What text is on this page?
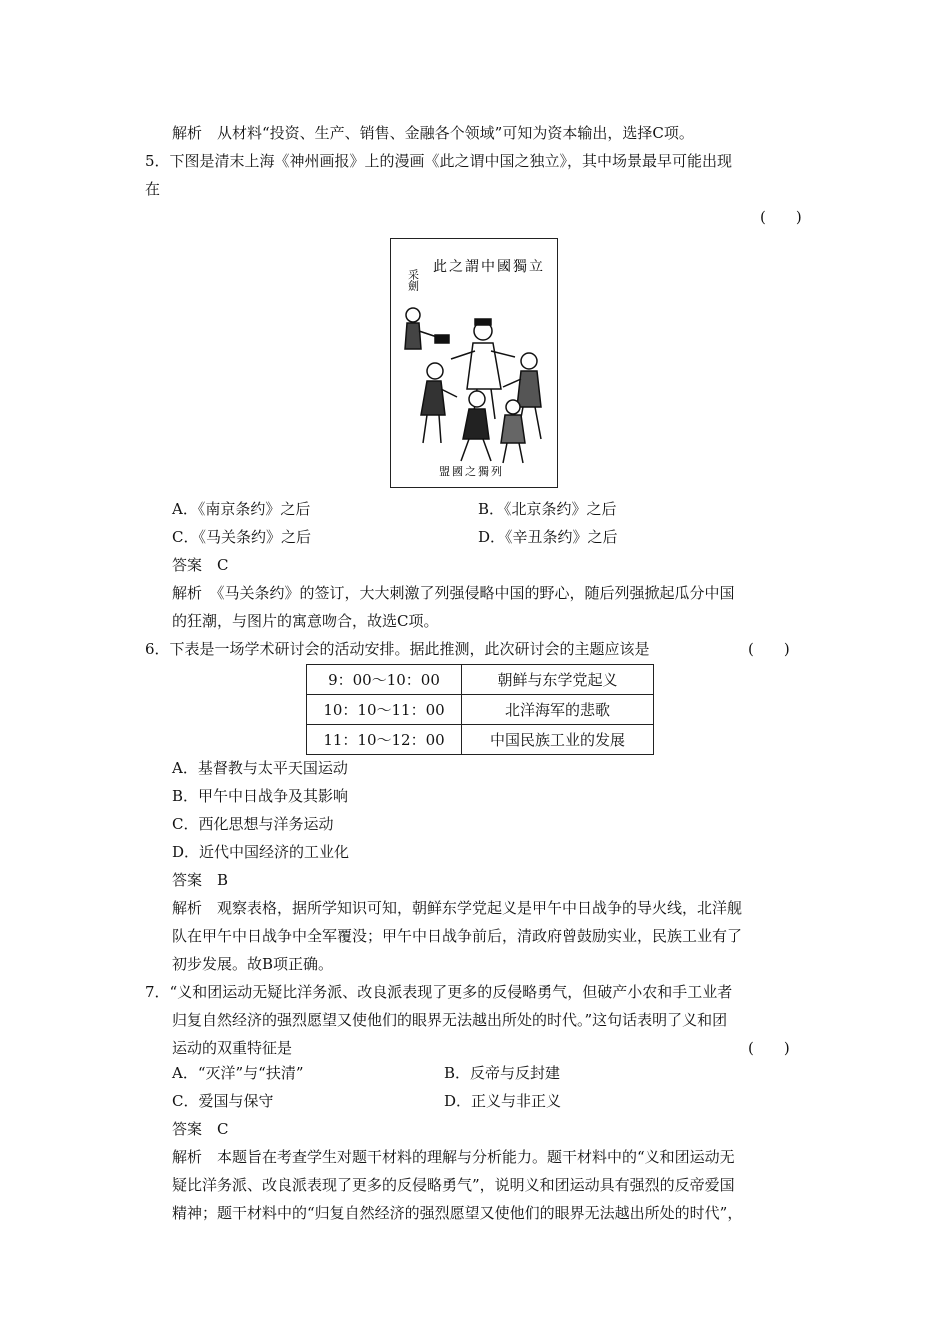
解析　从材料“投资、生产、销售、金融各个领域”可知为资本输出，选择C项。
5．下图是清末上海《神州画报》上的漫画《此之谓中国之独立》，其中场景最早可能出现
在
(　　)
采劍
此之謂中國獨立
盟國之獨列
A．《南京条约》之后	B．《北京条约》之后
C．《马关条约》之后	D．《辛丑条约》之后
答案　C
解析　《马关条约》的签订，大大刺激了列强侵略中国的野心，随后列强掀起瓜分中国
的狂潮，与图片的寓意吻合，故选C项。
6．下表是一场学术研讨会的活动安排。据此推测，此次研讨会的主题应该是	(　　)
9：00～10：00	朝鲜与东学党起义
10：10～11：00	北洋海军的悲歌
11：10～12：00	中国民族工业的发展
A．基督教与太平天国运动
B．甲午中日战争及其影响
C．西化思想与洋务运动
D．近代中国经济的工业化
答案　B
解析　观察表格，据所学知识可知，朝鲜东学党起义是甲午中日战争的导火线，北洋舰
队在甲午中日战争中全军覆没；甲午中日战争前后，清政府曾鼓励实业，民族工业有了
初步发展。故B项正确。
7．“义和团运动无疑比洋务派、改良派表现了更多的反侵略勇气，但破产小农和手工业者
归复自然经济的强烈愿望又使他们的眼界无法越出所处的时代。”这句话表明了义和团
运动的双重特征是	(　　)
A．“灭洋”与“扶清”	B．反帝与反封建
C．爱国与保守	D．正义与非正义
答案　C
解析　本题旨在考查学生对题干材料的理解与分析能力。题干材料中的“义和团运动无
疑比洋务派、改良派表现了更多的反侵略勇气”，说明义和团运动具有强烈的反帝爱国
精神；题干材料中的“归复自然经济的强烈愿望又使他们的眼界无法越出所处的时代”，
